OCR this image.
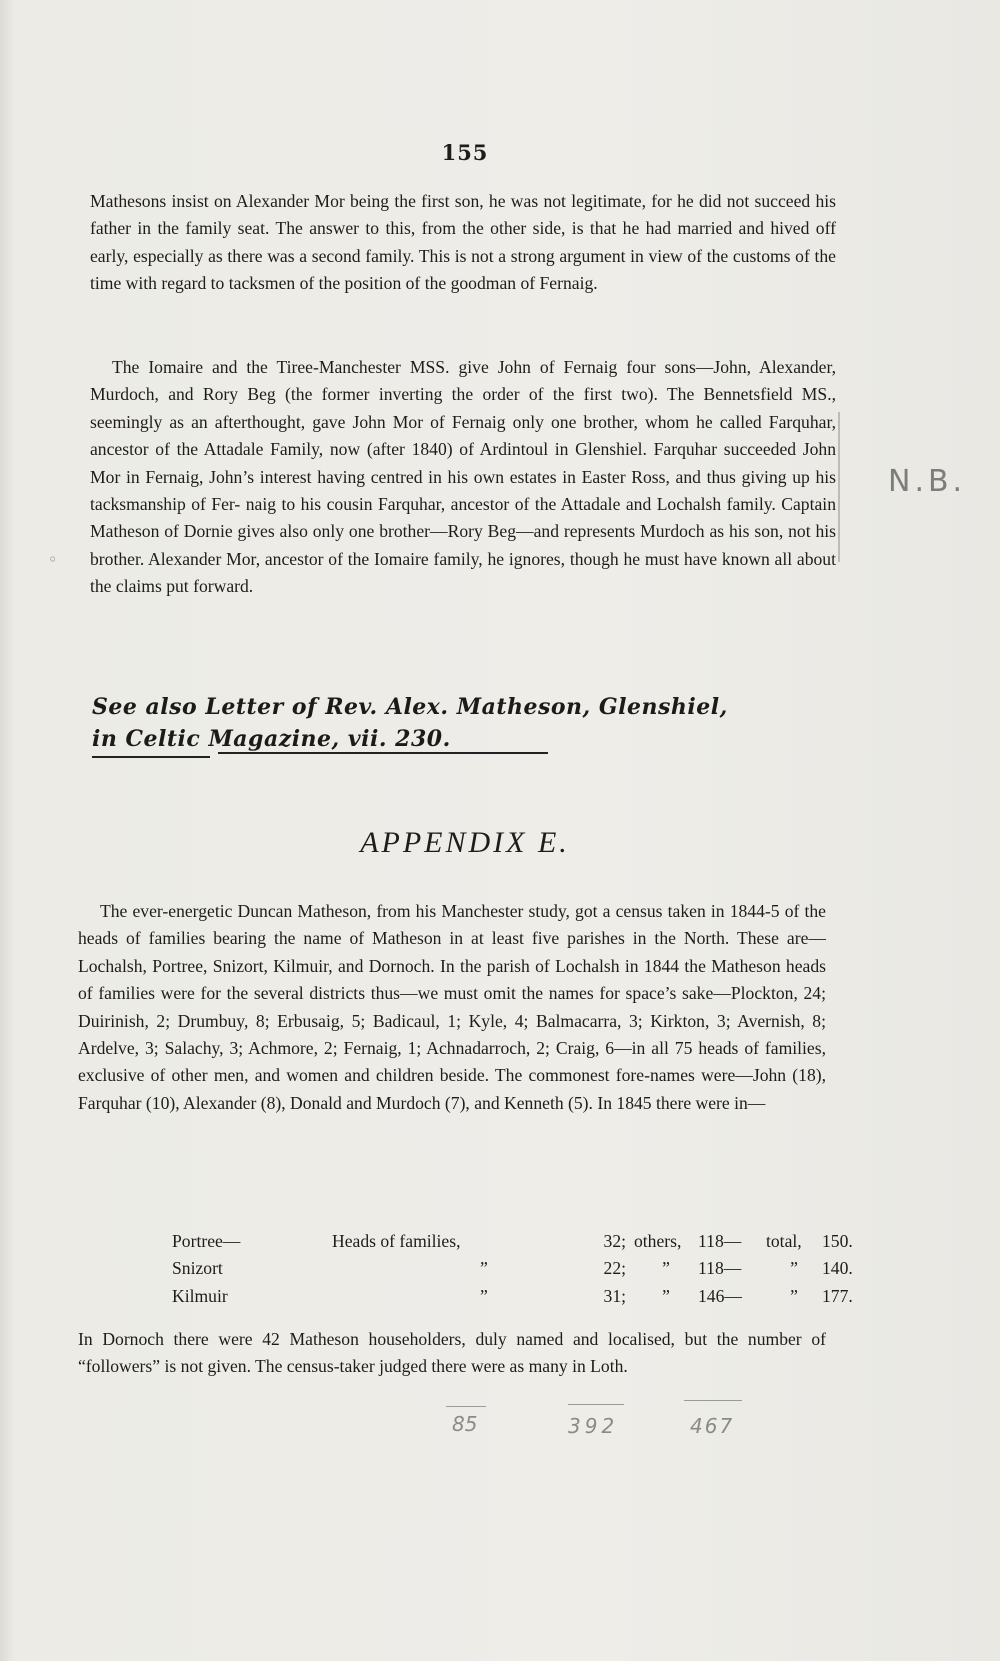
155

Mathesons insist on Alexander Mor being the first son, he was not legitimate, for he did not succeed his father in the family seat. The answer to this, from the other side, is that he had married and hived off early, especially as there was a second family. This is not a strong argument in view of the customs of the time with regard to tacksmen of the position of the goodman of Fernaig.

The Iomaire and the Tiree-Manchester MSS. give John of Fernaig four sons—John, Alexander, Murdoch, and Rory Beg (the former inverting the order of the first two). The Bennetsfield MS., seemingly as an afterthought, gave John Mor of Fernaig only one brother, whom he called Farquhar, ancestor of the Attadale Family, now (after 1840) of Ardintoul in Glenshiel. Farquhar succeeded John Mor in Fernaig, John’s interest having centred in his own estates in Easter Ross, and thus giving up his tacksmanship of Fer- naig to his cousin Farquhar, ancestor of the Attadale and Lochalsh family. Captain Matheson of Dornie gives also only one brother—Rory Beg—and represents Murdoch as his son, not his brother. Alexander Mor, ancestor of the Iomaire family, he ignores, though he must have known all about the claims put forward.

N.B.
◦
See also Letter of Rev. Alex. Matheson, Glenshiel,
in Celtic Magazine, vii. 230.
APPENDIX E.

The ever-energetic Duncan Matheson, from his Manchester study, got a census taken in 1844-5 of the heads of families bearing the name of Matheson in at least five parishes in the North. These are—Lochalsh, Portree, Snizort, Kilmuir, and Dornoch. In the parish of Lochalsh in 1844 the Matheson heads of families were for the several districts thus—we must omit the names for space’s sake—Plockton, 24; Duirinish, 2; Drumbuy, 8; Erbusaig, 5; Badicaul, 1; Kyle, 4; Balmacarra, 3; Kirkton, 3; Avernish, 8; Ardelve, 3; Salachy, 3; Achmore, 2; Fernaig, 1; Achnadarroch, 2; Craig, 6—in all 75 heads of families, exclusive of other men, and women and children beside. The commonest fore-names were—John (18), Farquhar (10), Alexander (8), Donald and Murdoch (7), and Kenneth (5). In 1845 there were in—

Portree—	Heads of families,	32;	others,	118—	total,	150.
Snizort	”	22;	”	118—	”	140.
Kilmuir	”	31;	”	146—	”	177.

In Dornoch there were 42 Matheson householders, duly named and localised, but the number of “followers” is not given. The census-taker judged there were as many in Loth.

85	392	467
